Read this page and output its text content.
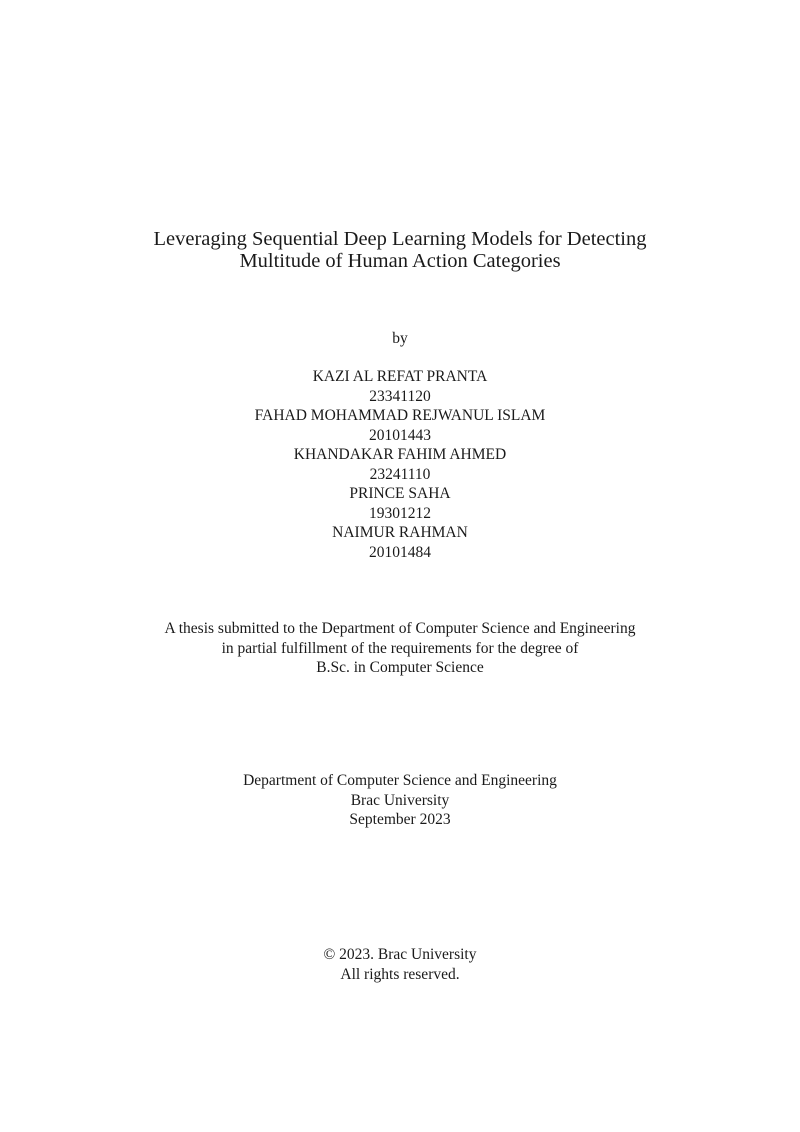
Leveraging Sequential Deep Learning Models for Detecting
Multitude of Human Action Categories
by
KAZI AL REFAT PRANTA
23341120
FAHAD MOHAMMAD REJWANUL ISLAM
20101443
KHANDAKAR FAHIM AHMED
23241110
PRINCE SAHA
19301212
NAIMUR RAHMAN
20101484
A thesis submitted to the Department of Computer Science and Engineering
in partial fulfillment of the requirements for the degree of
B.Sc. in Computer Science
Department of Computer Science and Engineering
Brac University
September 2023
© 2023. Brac University
All rights reserved.
